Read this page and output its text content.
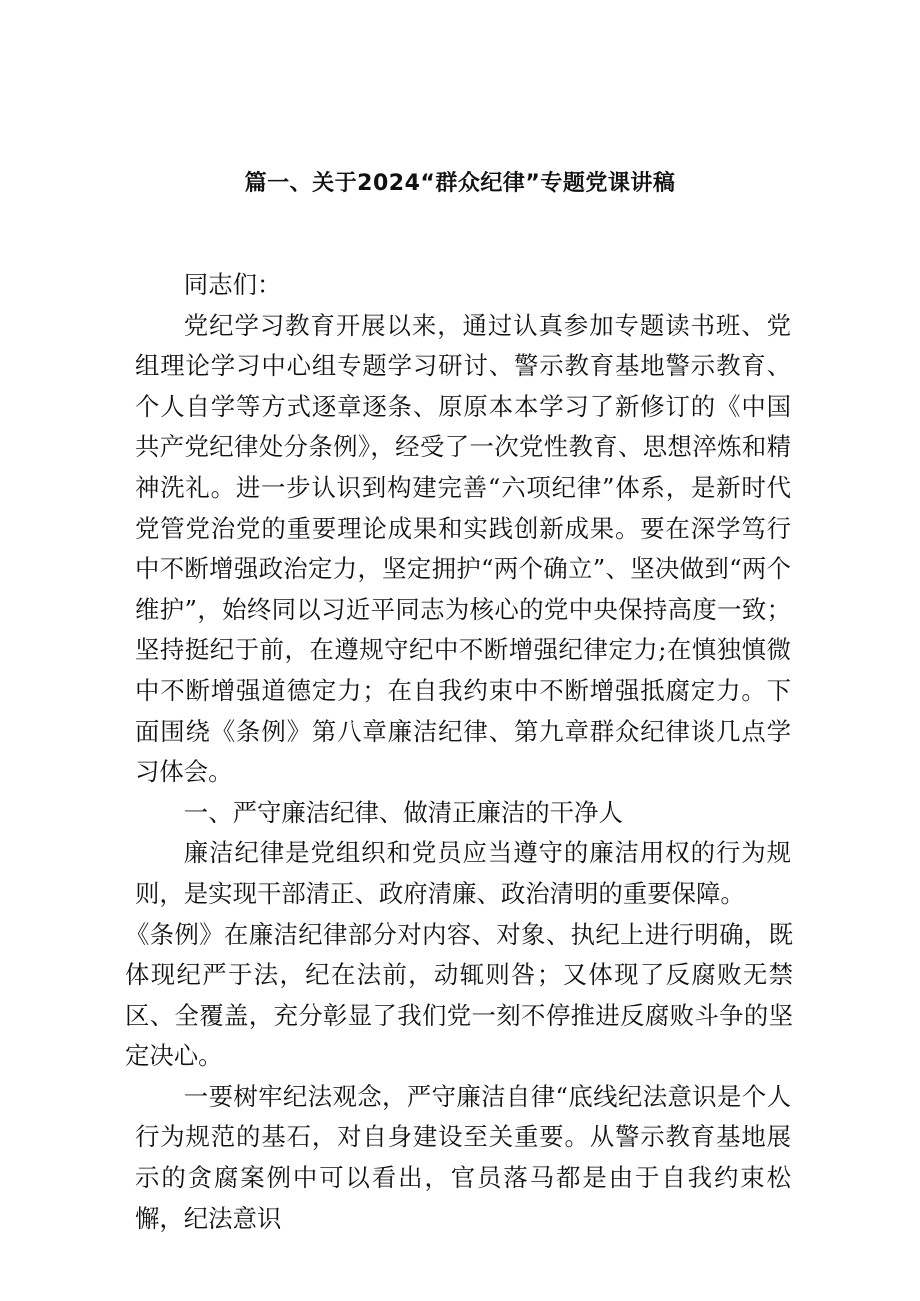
篇一、关于2024“群众纪律”专题党课讲稿

同志们：

党纪学习教育开展以来，通过认真参加专题读书班、党组理论学习中心组专题学习研讨、警示教育基地警示教育、个人自学等方式逐章逐条、原原本本学习了新修订的《中国共产党纪律处分条例》，经受了一次党性教育、思想淬炼和精神洗礼。进一步认识到构建完善“六项纪律”体系，是新时代党管党治党的重要理论成果和实践创新成果。要在深学笃行中不断增强政治定力，坚定拥护“两个确立”、坚决做到“两个维护”，始终同以习近平同志为核心的党中央保持高度一致；坚持挺纪于前，在遵规守纪中不断增强纪律定力;在慎独慎微中不断增强道德定力；在自我约束中不断增强抵腐定力。下面围绕《条例》第八章廉洁纪律、第九章群众纪律谈几点学习体会。

一、严守廉洁纪律、做清正廉洁的干净人

廉洁纪律是党组织和党员应当遵守的廉洁用权的行为规则，是实现干部清正、政府清廉、政治清明的重要保障。

《条例》在廉洁纪律部分对内容、对象、执纪上进行明确，既体现纪严于法，纪在法前，动辄则咎；又体现了反腐败无禁区、全覆盖，充分彰显了我们党一刻不停推进反腐败斗争的坚定决心。

一要树牢纪法观念，严守廉洁自律“底线纪法意识是个人行为规范的基石，对自身建设至关重要。从警示教育基地展示的贪腐案例中可以看出，官员落马都是由于自我约束松懈，纪法意识
